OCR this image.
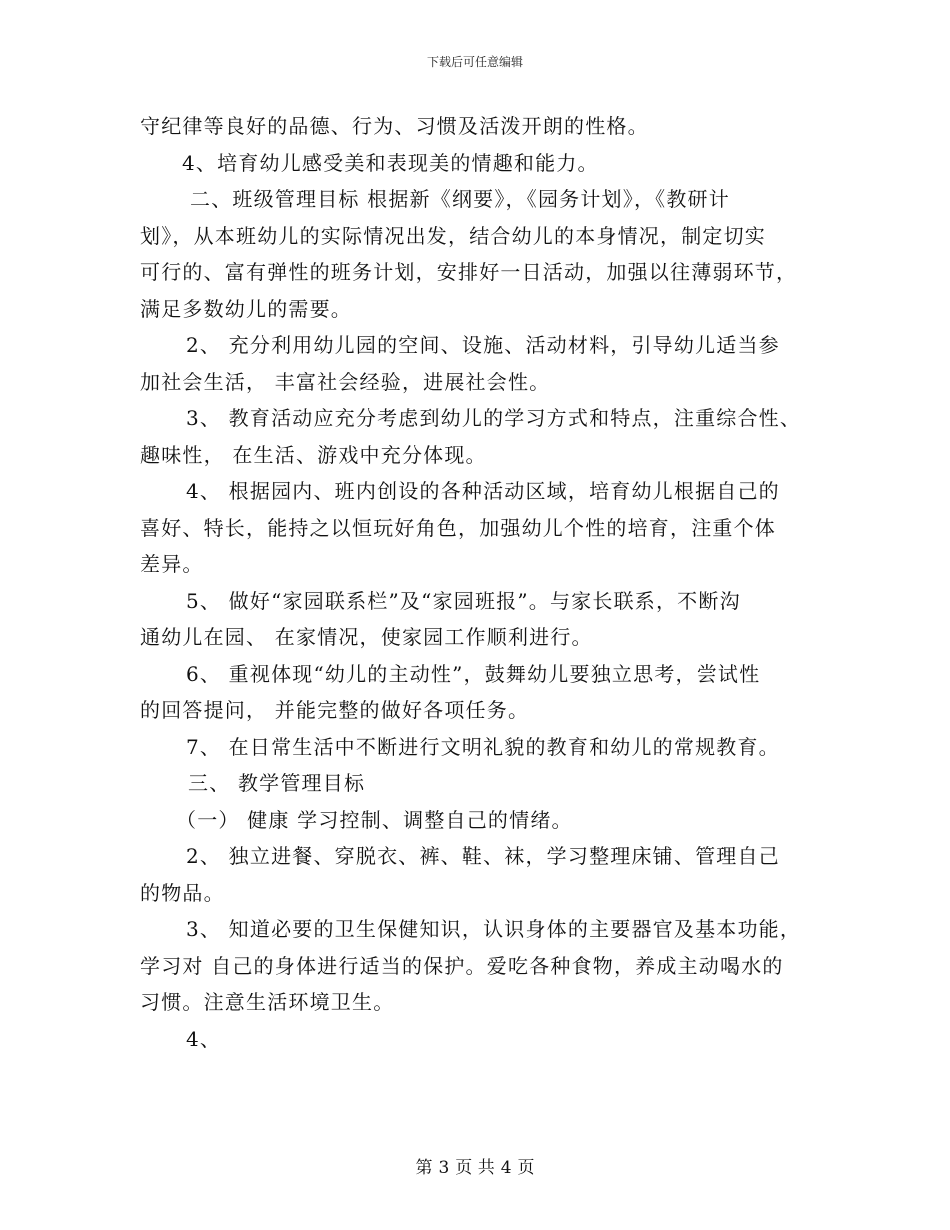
下载后可任意编辑
守纪律等良好的品德、行为、习惯及活泼开朗的性格。
4、培育幼儿感受美和表现美的情趣和能力。
二、班级管理目标 根据新《纲要》，《园务计划》，《教研计
划》，从本班幼儿的实际情况出发，结合幼儿的本身情况，制定切实
可行的、富有弹性的班务计划，安排好一日活动，加强以往薄弱环节，
满足多数幼儿的需要。
2、 充分利用幼儿园的空间、设施、活动材料，引导幼儿适当参
加社会生活， 丰富社会经验，进展社会性。
3、 教育活动应充分考虑到幼儿的学习方式和特点，注重综合性、
趣味性， 在生活、游戏中充分体现。
4、 根据园内、班内创设的各种活动区域，培育幼儿根据自己的
喜好、特长，能持之以恒玩好角色，加强幼儿个性的培育，注重个体
差异。
5、 做好“家园联系栏”及“家园班报”。与家长联系，不断沟
通幼儿在园、 在家情况，使家园工作顺利进行。
6、 重视体现“幼儿的主动性”，鼓舞幼儿要独立思考，尝试性
的回答提问， 并能完整的做好各项任务。
7、 在日常生活中不断进行文明礼貌的教育和幼儿的常规教育。
三、 教学管理目标
（一） 健康 学习控制、调整自己的情绪。
2、 独立进餐、穿脱衣、裤、鞋、袜，学习整理床铺、管理自己
的物品。
3、 知道必要的卫生保健知识，认识身体的主要器官及基本功能，
学习对 自己的身体进行适当的保护。爱吃各种食物，养成主动喝水的
习惯。注意生活环境卫生。
4、
第 3 页 共 4 页
